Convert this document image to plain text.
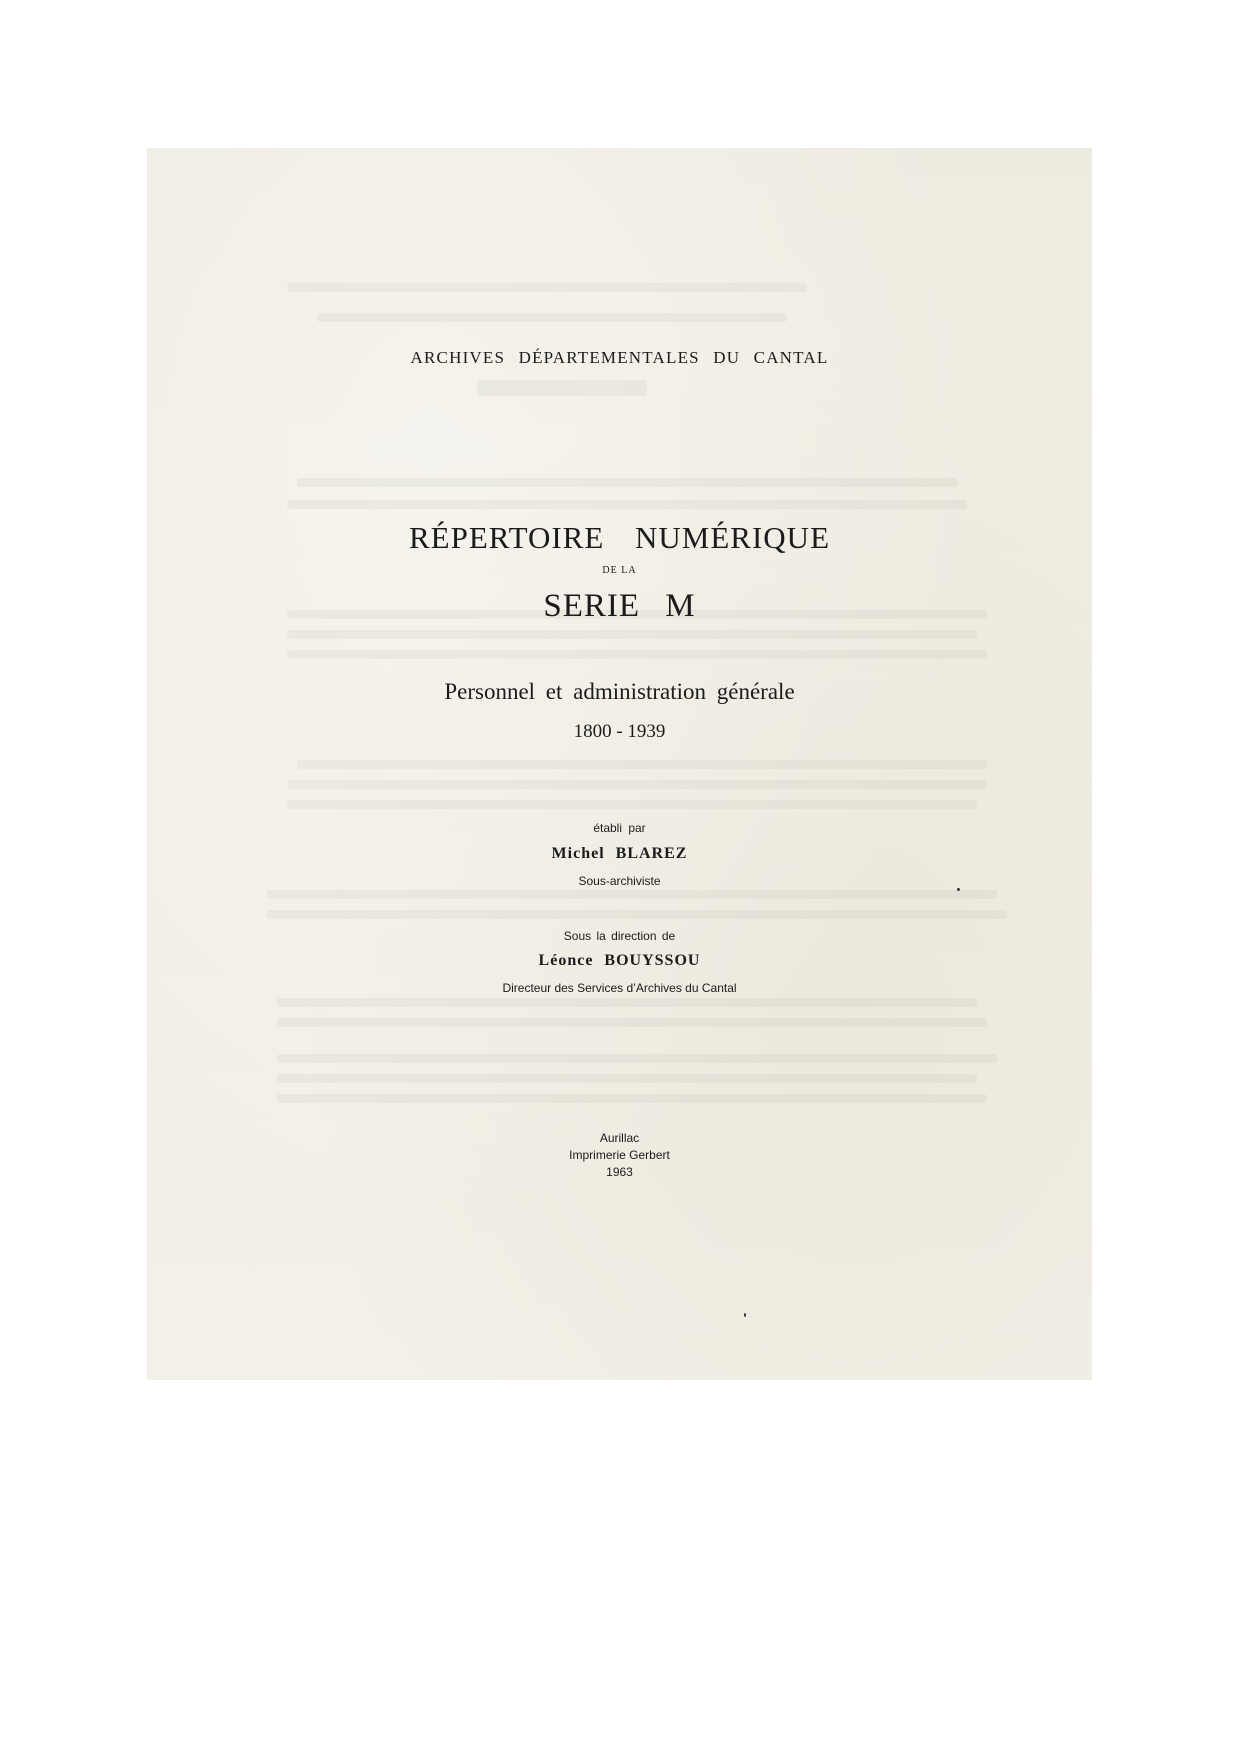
ARCHIVES DÉPARTEMENTALES DU CANTAL
RÉPERTOIRE NUMÉRIQUE
DE LA
SERIE M
Personnel et administration générale
1800 - 1939
établi par
Michel BLAREZ
Sous-archiviste
Sous la direction de
Léonce BOUYSSOU
Directeur des Services d’Archives du Cantal
Aurillac
Imprimerie Gerbert
1963
